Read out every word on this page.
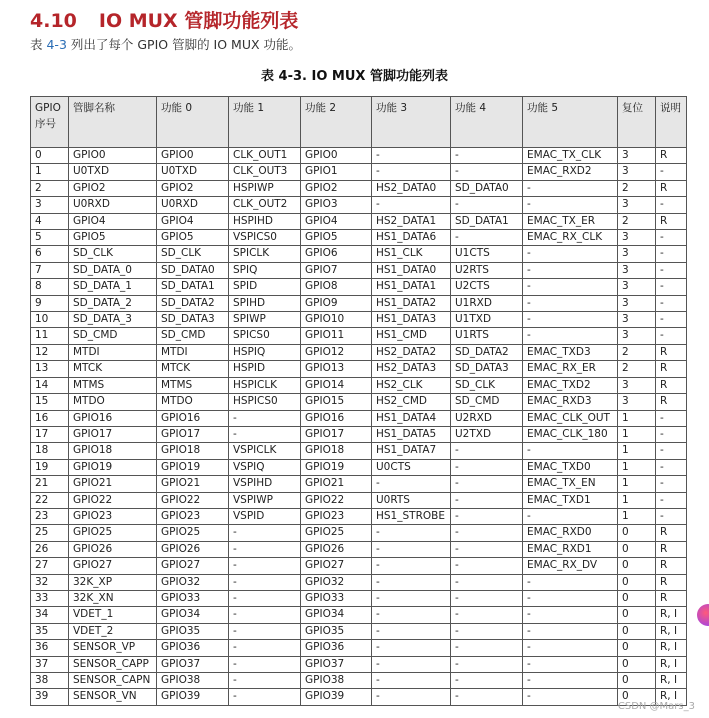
4.10 IO MUX 管脚功能列表
表 4-3 列出了每个 GPIO 管脚的 IO MUX 功能。
表 4-3. IO MUX 管脚功能列表
GPIO 序号	管脚名称	功能 0	功能 1	功能 2	功能 3	功能 4	功能 5	复位	说明
0	GPIO0	GPIO0	CLK_OUT1	GPIO0	-	-	EMAC_TX_CLK	3	R
1	U0TXD	U0TXD	CLK_OUT3	GPIO1	-	-	EMAC_RXD2	3	-
2	GPIO2	GPIO2	HSPIWP	GPIO2	HS2_DATA0	SD_DATA0	-	2	R
3	U0RXD	U0RXD	CLK_OUT2	GPIO3	-	-	-	3	-
4	GPIO4	GPIO4	HSPIHD	GPIO4	HS2_DATA1	SD_DATA1	EMAC_TX_ER	2	R
5	GPIO5	GPIO5	VSPICS0	GPIO5	HS1_DATA6	-	EMAC_RX_CLK	3	-
6	SD_CLK	SD_CLK	SPICLK	GPIO6	HS1_CLK	U1CTS	-	3	-
7	SD_DATA_0	SD_DATA0	SPIQ	GPIO7	HS1_DATA0	U2RTS	-	3	-
8	SD_DATA_1	SD_DATA1	SPID	GPIO8	HS1_DATA1	U2CTS	-	3	-
9	SD_DATA_2	SD_DATA2	SPIHD	GPIO9	HS1_DATA2	U1RXD	-	3	-
10	SD_DATA_3	SD_DATA3	SPIWP	GPIO10	HS1_DATA3	U1TXD	-	3	-
11	SD_CMD	SD_CMD	SPICS0	GPIO11	HS1_CMD	U1RTS	-	3	-
12	MTDI	MTDI	HSPIQ	GPIO12	HS2_DATA2	SD_DATA2	EMAC_TXD3	2	R
13	MTCK	MTCK	HSPID	GPIO13	HS2_DATA3	SD_DATA3	EMAC_RX_ER	2	R
14	MTMS	MTMS	HSPICLK	GPIO14	HS2_CLK	SD_CLK	EMAC_TXD2	3	R
15	MTDO	MTDO	HSPICS0	GPIO15	HS2_CMD	SD_CMD	EMAC_RXD3	3	R
16	GPIO16	GPIO16	-	GPIO16	HS1_DATA4	U2RXD	EMAC_CLK_OUT	1	-
17	GPIO17	GPIO17	-	GPIO17	HS1_DATA5	U2TXD	EMAC_CLK_180	1	-
18	GPIO18	GPIO18	VSPICLK	GPIO18	HS1_DATA7	-	-	1	-
19	GPIO19	GPIO19	VSPIQ	GPIO19	U0CTS	-	EMAC_TXD0	1	-
21	GPIO21	GPIO21	VSPIHD	GPIO21	-	-	EMAC_TX_EN	1	-
22	GPIO22	GPIO22	VSPIWP	GPIO22	U0RTS	-	EMAC_TXD1	1	-
23	GPIO23	GPIO23	VSPID	GPIO23	HS1_STROBE	-	-	1	-
25	GPIO25	GPIO25	-	GPIO25	-	-	EMAC_RXD0	0	R
26	GPIO26	GPIO26	-	GPIO26	-	-	EMAC_RXD1	0	R
27	GPIO27	GPIO27	-	GPIO27	-	-	EMAC_RX_DV	0	R
32	32K_XP	GPIO32	-	GPIO32	-	-	-	0	R
33	32K_XN	GPIO33	-	GPIO33	-	-	-	0	R
34	VDET_1	GPIO34	-	GPIO34	-	-	-	0	R, I
35	VDET_2	GPIO35	-	GPIO35	-	-	-	0	R, I
36	SENSOR_VP	GPIO36	-	GPIO36	-	-	-	0	R, I
37	SENSOR_CAPP	GPIO37	-	GPIO37	-	-	-	0	R, I
38	SENSOR_CAPN	GPIO38	-	GPIO38	-	-	-	0	R, I
39	SENSOR_VN	GPIO39	-	GPIO39	-	-	-	0	R, I
CSDN @Mars_3
